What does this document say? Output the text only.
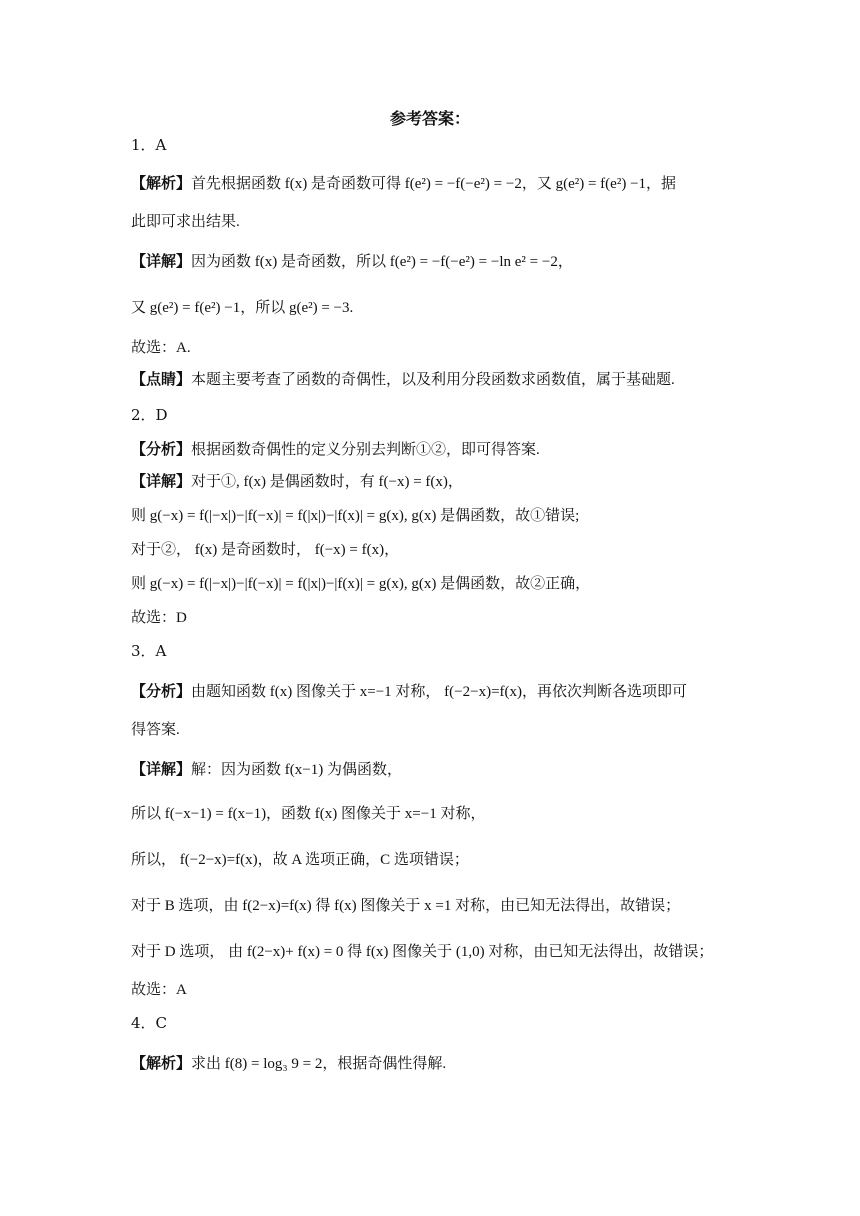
参考答案：
1．A
【解析】首先根据函数 f(x) 是奇函数可得 f(e²) = −f(−e²) = −2，又 g(e²) = f(e²) −1，据
此即可求出结果.
【详解】因为函数 f(x) 是奇函数，所以 f(e²) = −f(−e²) = −ln e² = −2，
又 g(e²) = f(e²) −1，所以 g(e²) = −3.
故选：A.
【点睛】本题主要考查了函数的奇偶性，以及利用分段函数求函数值，属于基础题.
2．D
【分析】根据函数奇偶性的定义分别去判断①②，即可得答案.
【详解】对于①, f(x) 是偶函数时，有 f(−x) = f(x)，
则 g(−x) = f(|−x|)−|f(−x)| = f(|x|)−|f(x)| = g(x), g(x) 是偶函数，故①错误;
对于②， f(x) 是奇函数时， f(−x) = f(x)，
则 g(−x) = f(|−x|)−|f(−x)| = f(|x|)−|f(x)| = g(x), g(x) 是偶函数，故②正确，
故选：D
3．A
【分析】由题知函数 f(x) 图像关于 x=−1 对称， f(−2−x)=f(x)，再依次判断各选项即可
得答案.
【详解】解：因为函数 f(x−1) 为偶函数，
所以 f(−x−1) = f(x−1)，函数 f(x) 图像关于 x=−1 对称，
所以， f(−2−x)=f(x)，故 A 选项正确，C 选项错误；
对于 B 选项，由 f(2−x)=f(x) 得 f(x) 图像关于 x =1 对称，由已知无法得出，故错误；
对于 D 选项， 由 f(2−x)+ f(x) = 0 得 f(x) 图像关于 (1,0) 对称，由已知无法得出，故错误；
故选：A
4．C
【解析】求出 f(8) = log₃ 9 = 2，根据奇偶性得解.
